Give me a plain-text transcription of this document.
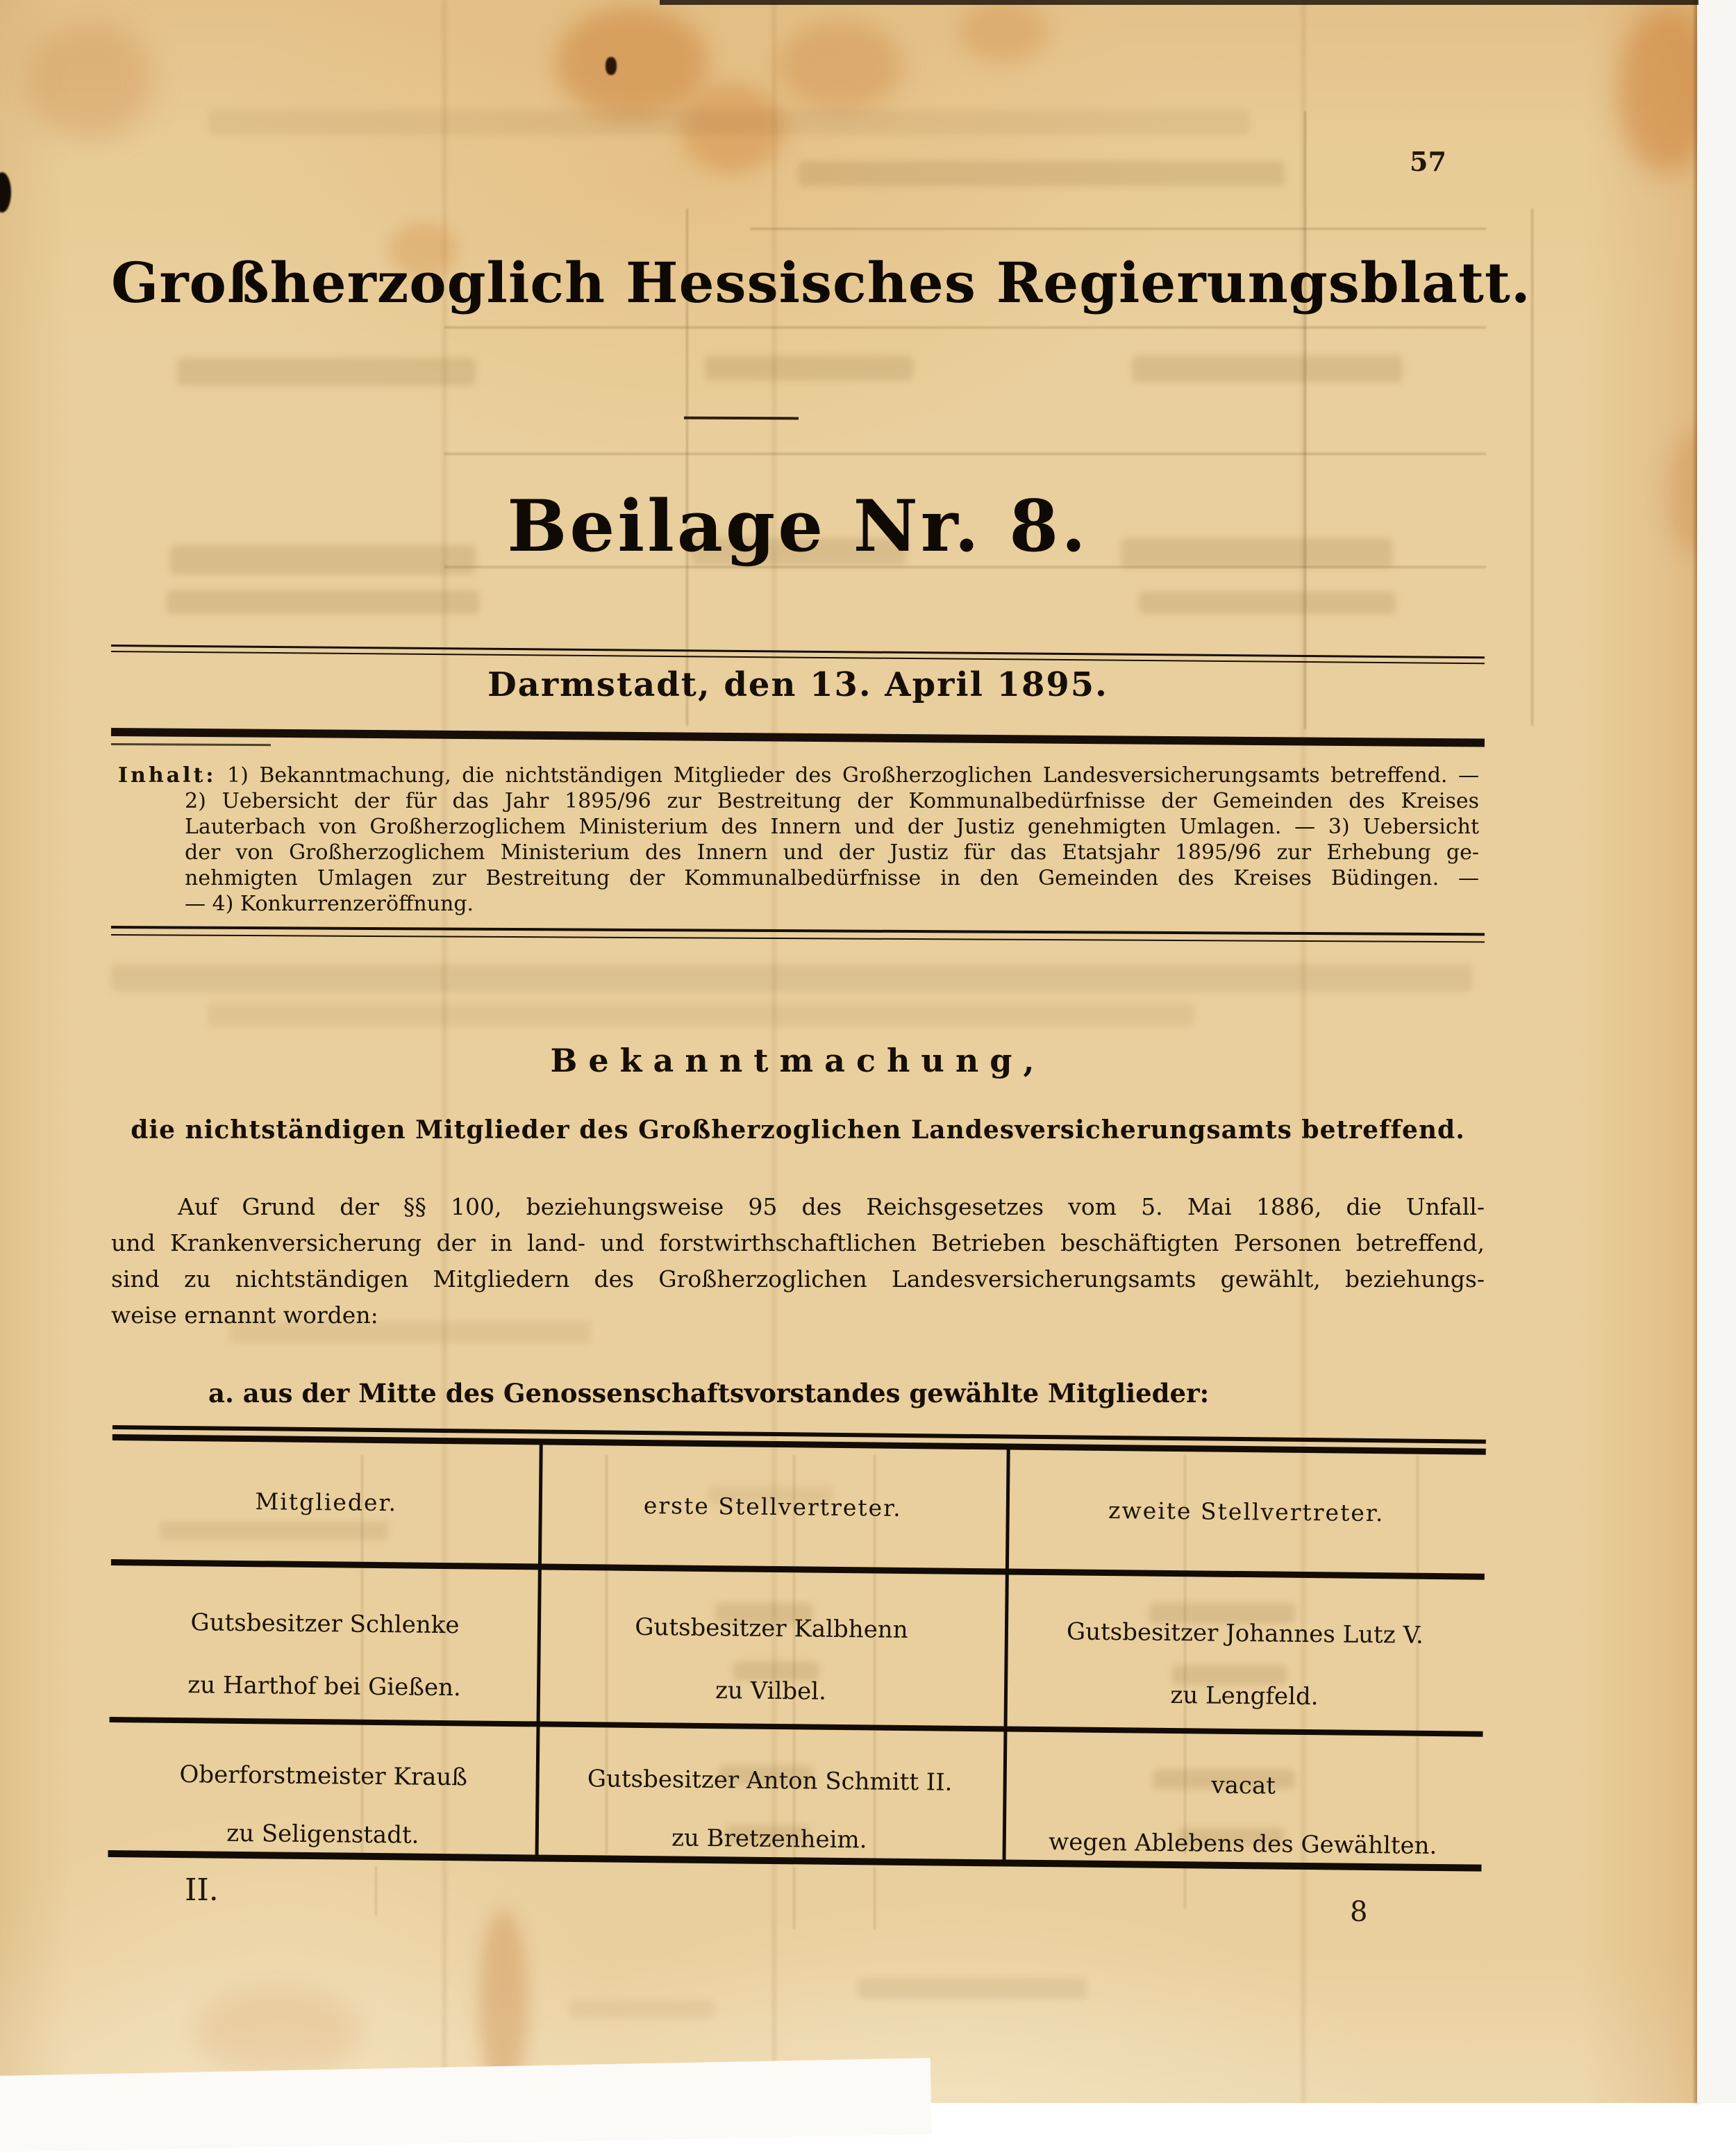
57
Großherzoglich Hessisches Regierungsblatt.
Beilage Nr. 8.
Darmstadt, den 13. April 1895.
Inhalt: 1) Bekanntmachung, die nichtständigen Mitglieder des Großherzoglichen Landesversicherungsamts betreffend. —
2) Uebersicht der für das Jahr 1895/96 zur Bestreitung der Kommunalbedürfnisse der Gemeinden des Kreises
Lauterbach von Großherzoglichem Ministerium des Innern und der Justiz genehmigten Umlagen. — 3) Uebersicht
der von Großherzoglichem Ministerium des Innern und der Justiz für das Etatsjahr 1895/96 zur Erhebung ge-
nehmigten Umlagen zur Bestreitung der Kommunalbedürfnisse in den Gemeinden des Kreises Büdingen. —
— 4) Konkurrenzeröffnung.
Bekanntmachung,
die nichtständigen Mitglieder des Großherzoglichen Landesversicherungsamts betreffend.
Auf Grund der §§ 100, beziehungsweise 95 des Reichsgesetzes vom 5. Mai 1886, die Unfall-
und Krankenversicherung der in land- und forstwirthschaftlichen Betrieben beschäftigten Personen betreffend,
sind zu nichtständigen Mitgliedern des Großherzoglichen Landesversicherungsamts gewählt, beziehungs-
weise ernannt worden:
a. aus der Mitte des Genossenschaftsvorstandes gewählte Mitglieder:
Mitglieder.	erste Stellvertreter.	zweite Stellvertreter.
Gutsbesitzer Schlenke
zu Harthof bei Gießen.
Gutsbesitzer Kalbhenn
zu Vilbel.
Gutsbesitzer Johannes Lutz V.
zu Lengfeld.
Oberforstmeister Krauß
zu Seligenstadt.
Gutsbesitzer Anton Schmitt II.
zu Bretzenheim.
vacat
wegen Ablebens des Gewählten.
II.
8
